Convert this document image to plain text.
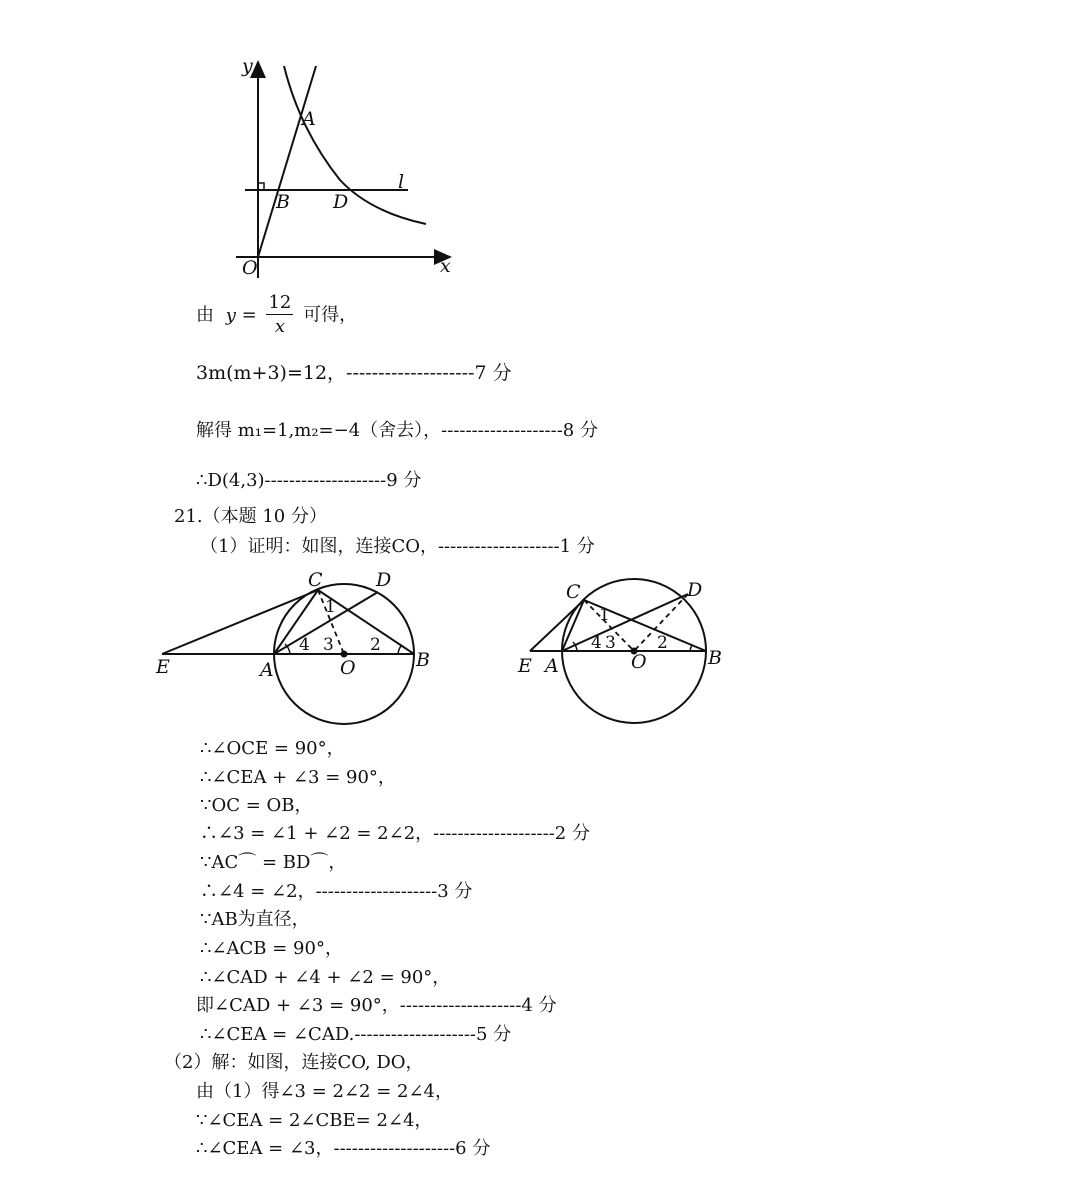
y
x
O
A
B D
l
由 $y = \frac{12}{x}$ 可得，
3m(m+3)=12，--------------------7 分
解得 m₁=1,m₂=−4（舍去），--------------------8 分
∴D(4,3)--------------------9 分
21.（本题 10 分）
（1）证明：如图，连接CO，--------------------1 分
C	D
E	A	O	B
1
2
3
4
C	D
E A	O	B
1
2
3
4
∴∠OCE = 90°，
∴∠CEA + ∠3 = 90°，
∵OC = OB，
∴∠3 = ∠1 + ∠2 = 2∠2，--------------------2 分
∵AC⌒ = BD⌒，
∴∠4 = ∠2，--------------------3 分
∵AB为直径，
∴∠ACB = 90°，
∴∠CAD + ∠4 + ∠2 = 90°，
即∠CAD + ∠3 = 90°，--------------------4 分
∴∠CEA = ∠CAD.--------------------5 分
（2）解：如图，连接CO, DO，
由（1）得∠3 = 2∠2 = 2∠4，
∵∠CEA = 2∠CBE= 2∠4，
∴∠CEA = ∠3，--------------------6 分
